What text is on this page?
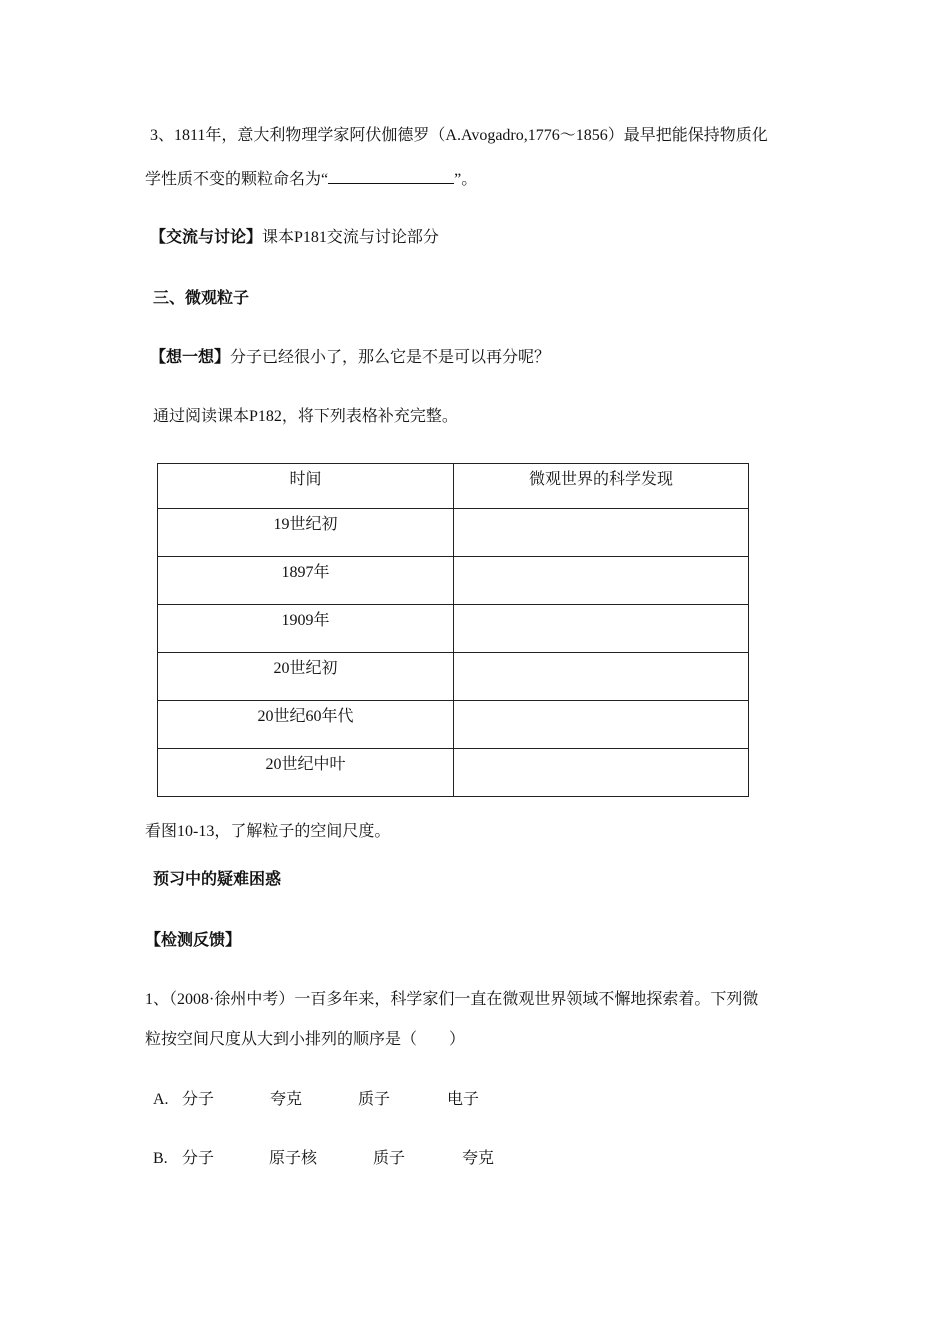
3、1811年，意大利物理学家阿伏伽德罗（A.Avogadro,1776～1856）最早把能保持物质化
学性质不变的颗粒命名为“	”。
【交流与讨论】课本P181交流与讨论部分
三、微观粒子
【想一想】分子已经很小了，那么它是不是可以再分呢？
通过阅读课本P182，将下列表格补充完整。
时间	微观世界的科学发现
19世纪初	
1897年	
1909年	
20世纪初	
20世纪60年代	
20世纪中叶	
看图10-13，了解粒子的空间尺度。
预习中的疑难困惑
【检测反馈】
1、（2008·徐州中考）一百多年来，科学家们一直在微观世界领域不懈地探索着。下列微
粒按空间尺度从大到小排列的顺序是（　　）
A. 分子	夸克	质子	电子
B. 分子	原子核	质子	夸克
